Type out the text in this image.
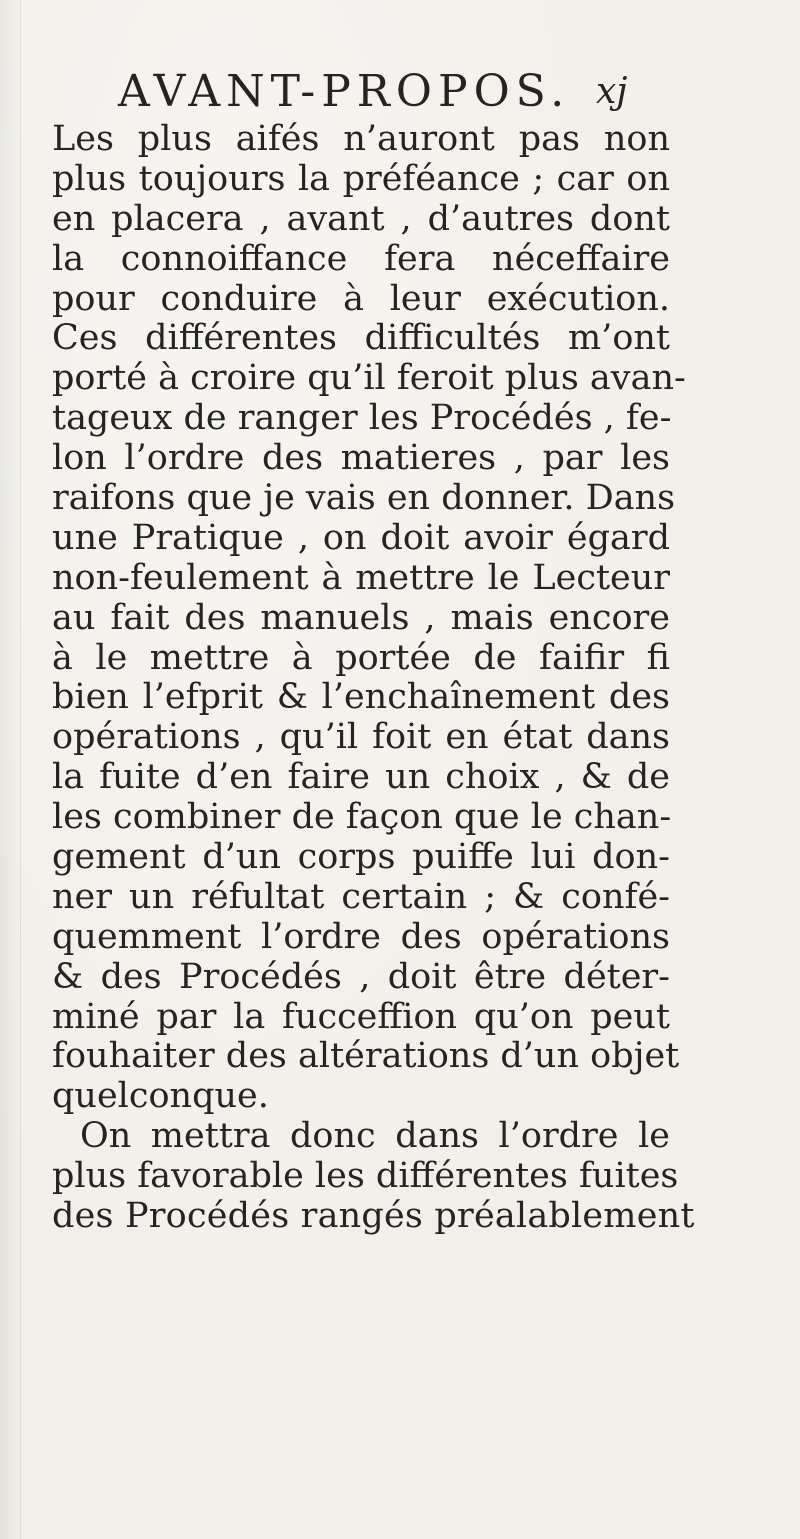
AVANT-PROPOS. xj
Les plus aifés n’auront pas non
plus toujours la préféance ; car on
en placera , avant , d’autres dont
la connoiffance fera néceffaire
pour conduire à leur exécution.
Ces différentes difficultés m’ont
porté à croire qu’il feroit plus avan-
tageux de ranger les Procédés , fe-
lon l’ordre des matieres , par les
raifons que je vais en donner. Dans
une Pratique , on doit avoir égard
non-feulement à mettre le Lecteur
au fait des manuels , mais encore
à le mettre à portée de faifir fi
bien l’efprit & l’enchaînement des
opérations , qu’il foit en état dans
la fuite d’en faire un choix , & de
les combiner de façon que le chan-
gement d’un corps puiffe lui don-
ner un réfultat certain ; & confé-
quemment l’ordre des opérations
& des Procédés , doit être déter-
miné par la fucceffion qu’on peut
fouhaiter des altérations d’un objet
quelconque.
On mettra donc dans l’ordre le
plus favorable les différentes fuites
des Procédés rangés préalablement
